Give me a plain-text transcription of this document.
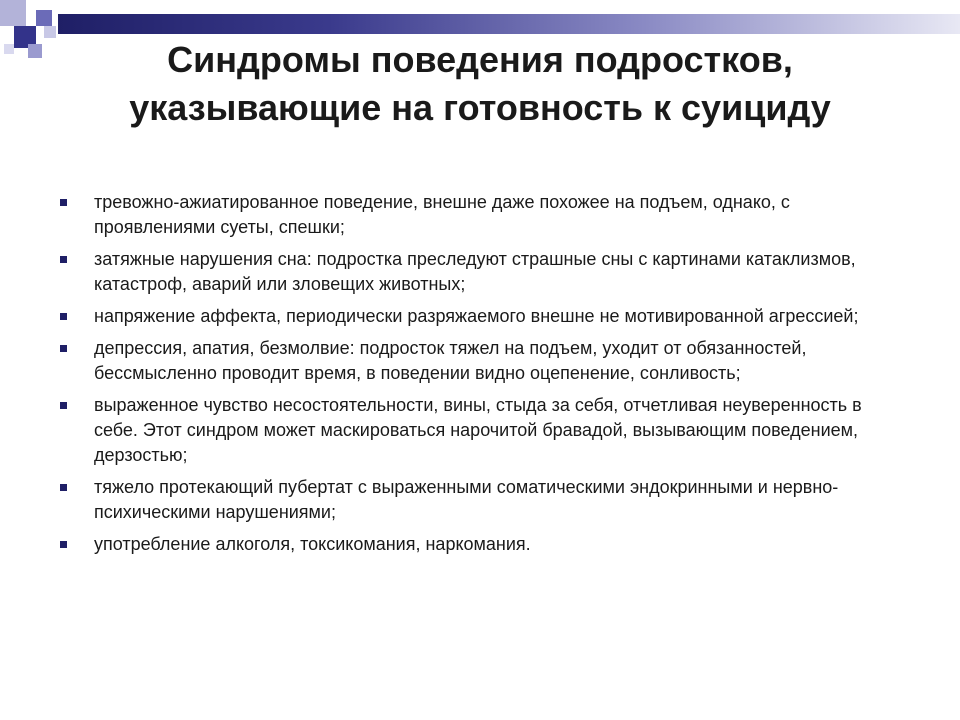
Синдромы поведения подростков,
указывающие на готовность к суициду
тревожно-ажиатированное поведение, внешне даже похожее на подъем, однако, с проявлениями суеты, спешки;
затяжные нарушения сна: подростка преследуют страшные сны с картинами катаклизмов, катастроф, аварий или зловещих животных;
напряжение аффекта, периодически разряжаемого внешне не мотивированной агрессией;
депрессия, апатия, безмолвие: подросток тяжел на подъем, уходит от обязанностей, бессмысленно проводит время, в поведении видно оцепенение, сонливость;
выраженное чувство несостоятельности, вины, стыда за себя, отчетливая неуверенность в себе. Этот синдром может маскироваться нарочитой бравадой, вызывающим поведением, дерзостью;
тяжело протекающий пубертат с выраженными соматическими эндокринными и нервно-психическими нарушениями;
употребление алкоголя, токсикомания, наркомания.
